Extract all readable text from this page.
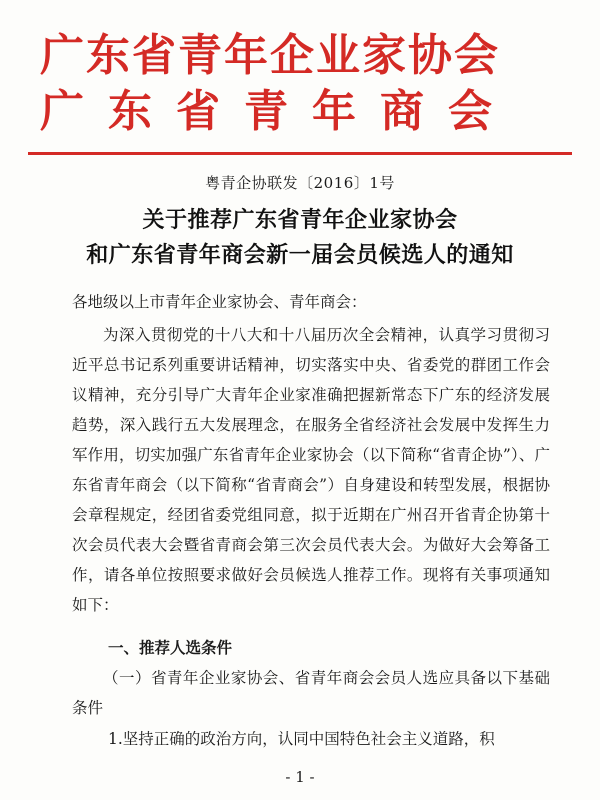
广东省青年企业家协会
广东省青年商会
粤青企协联发〔2016〕1号
关于推荐广东省青年企业家协会
和广东省青年商会新一届会员候选人的通知
各地级以上市青年企业家协会、青年商会：
为深入贯彻党的十八大和十八届历次全会精神，认真学习贯彻习近平总书记系列重要讲话精神，切实落实中央、省委党的群团工作会议精神，充分引导广大青年企业家准确把握新常态下广东的经济发展趋势，深入践行五大发展理念，在服务全省经济社会发展中发挥生力军作用，切实加强广东省青年企业家协会（以下简称“省青企协”）、广东省青年商会（以下简称“省青商会”）自身建设和转型发展，根据协会章程规定，经团省委党组同意，拟于近期在广州召开省青企协第十次会员代表大会暨省青商会第三次会员代表大会。为做好大会筹备工作，请各单位按照要求做好会员候选人推荐工作。现将有关事项通知如下：
一、推荐人选条件
（一）省青年企业家协会、省青年商会会员人选应具备以下基础条件
1.坚持正确的政治方向，认同中国特色社会主义道路，积
- 1 -
